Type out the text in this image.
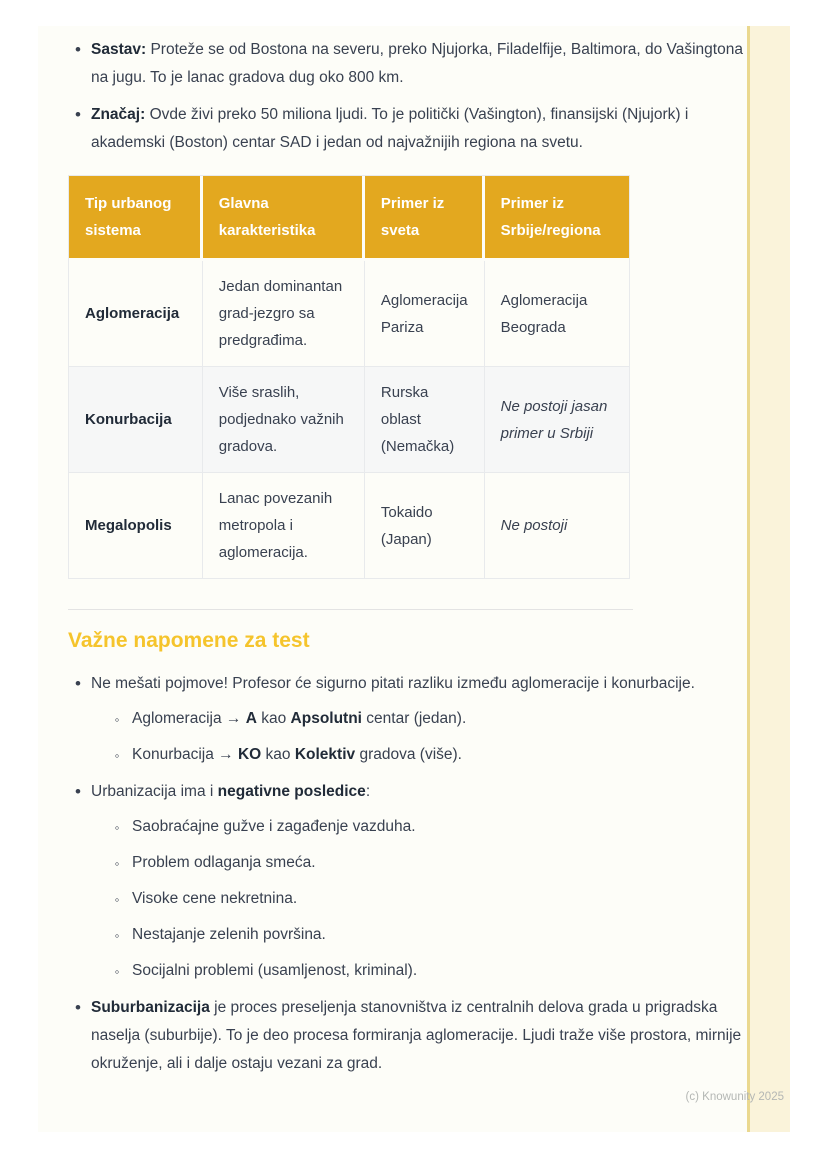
• Sastav: Proteže se od Bostona na severu, preko Njujorka, Filadelfije, Baltimora, do Vašingtona na jugu. To je lanac gradova dug oko 800 km.
• Značaj: Ovde živi preko 50 miliona ljudi. To je politički (Vašington), finansijski (Njujork) i akademski (Boston) centar SAD i jedan od najvažnijih regiona na svetu.
Tip urbanog sistema	Glavna karakteristika	Primer iz sveta	Primer iz Srbije/regiona
Aglomeracija	Jedan dominantan grad-jezgro sa predgrađima.	Aglomeracija Pariza	Aglomeracija Beograda
Konurbacija	Više sraslih, podjednako važnih gradova.	Rurska oblast (Nemačka)	Ne postoji jasan primer u Srbiji
Megalopolis	Lanac povezanih metropola i aglomeracija.	Tokaido (Japan)	Ne postoji
Važne napomene za test
• Ne mešati pojmove! Profesor će sigurno pitati razliku između aglomeracije i konurbacije.
◦ Aglomeracija → A kao Apsolutni centar (jedan).
◦ Konurbacija → KO kao Kolektiv gradova (više).
• Urbanizacija ima i negativne posledice:
◦ Saobraćajne gužve i zagađenje vazduha.
◦ Problem odlaganja smeća.
◦ Visoke cene nekretnina.
◦ Nestajanje zelenih površina.
◦ Socijalni problemi (usamljenost, kriminal).
• Suburbanizacija je proces preseljenja stanovništva iz centralnih delova grada u prigradska naselja (suburbije). To je deo procesa formiranja aglomeracije. Ljudi traže više prostora, mirnije okruženje, ali i dalje ostaju vezani za grad.
(c) Knowunity 2025
